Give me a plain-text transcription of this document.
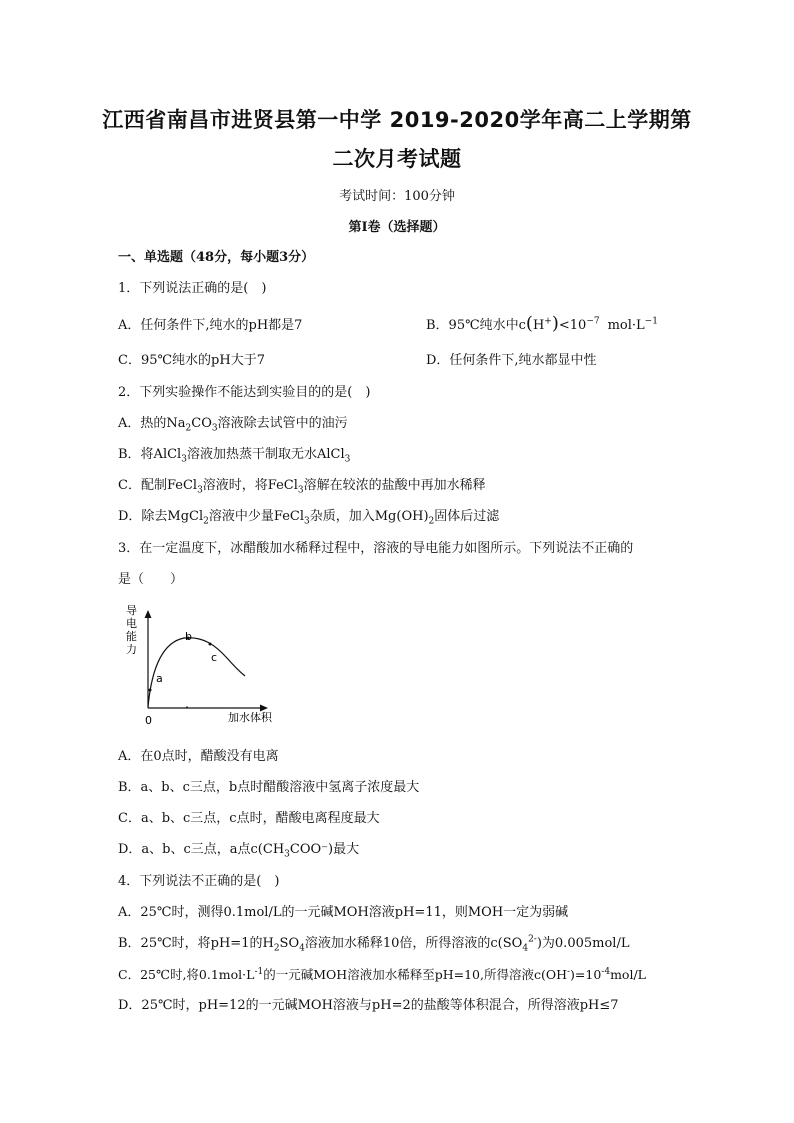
江西省南昌市进贤县第一中学 2019-2020学年高二上学期第
二次月考试题
考试时间：100分钟
第Ⅰ卷（选择题）
一、单选题（48分，每小题3分）
1．下列说法正确的是(　)
A．任何条件下,纯水的pH都是7	B．95℃纯水中$c(H^+)<10^{-7}$ $mol\cdot L^{-1}$
C．95℃纯水的pH大于7	D．任何条件下,纯水都显中性
2．下列实验操作不能达到实验目的的是(　)
A．热的$Na_2CO_3$溶液除去试管中的油污
B．将AlCl$_3$溶液加热蒸干制取无水AlCl$_3$
C．配制FeCl$_3$溶液时，将FeCl$_3$溶解在较浓的盐酸中再加水稀释
D．除去MgCl$_2$溶液中少量FeCl$_3$杂质，加入$Mg(OH)_2$固体后过滤
3．在一定温度下，冰醋酸加水稀释过程中，溶液的导电能力如图所示。下列说法不正确的
是（　　）
导
电
能
力
a
b
c
0	加水体积
A．在0点时，醋酸没有电离
B．a、b、c三点，b点时醋酸溶液中氢离子浓度最大
C．a、b、c三点，c点时，醋酸电离程度最大
D．a、b、c三点，a点$c(CH_3COO^-)$最大
4．下列说法不正确的是(　)
A．25℃时，测得0.1mol/L的一元碱MOH溶液pH=11，则MOH一定为弱碱
B．25℃时，将pH=1的$H_2SO_4$溶液加水稀释10倍，所得溶液的$c(SO_4^{2-})$为0.005mol/L
C．25℃时,将$0.1mol\cdot L^{-1}$的一元碱MOH溶液加水稀释至pH=10,所得溶液$c(OH^-)=10^{-4}mol/L$
D．25℃时，pH=12的一元碱MOH溶液与pH=2的盐酸等体积混合，所得溶液pH≤7
